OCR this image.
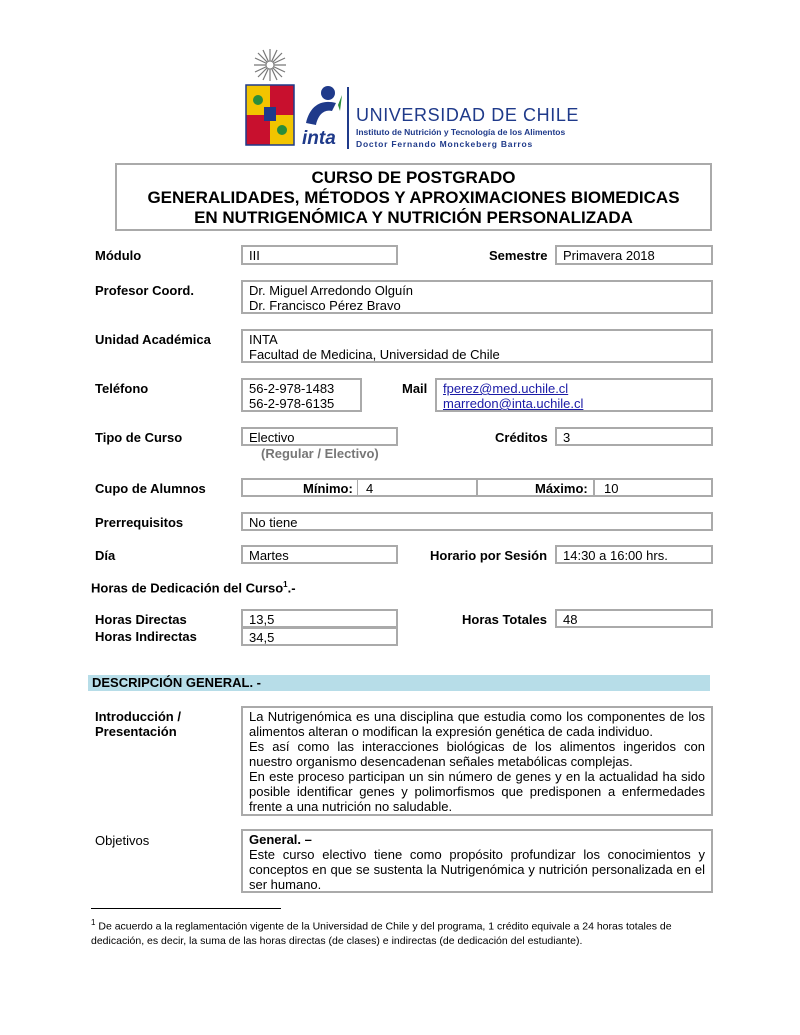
inta
UNIVERSIDAD DE CHILE
Instituto de Nutrición y Tecnología de los Alimentos
Doctor Fernando Monckeberg Barros
CURSO DE POSTGRADO
GENERALIDADES, MÉTODOS Y APROXIMACIONES BIOMEDICAS
EN NUTRIGENÓMICA Y NUTRICIÓN PERSONALIZADA
Módulo	III	Semestre	Primavera 2018
Profesor Coord.	Dr. Miguel Arredondo Olguín
Dr. Francisco Pérez Bravo
Unidad Académica	INTA
Facultad de Medicina, Universidad de Chile
Teléfono	56-2-978-1483
56-2-978-6135
Mail fperez@med.uchile.cl
marredon@inta.uchile.cl
Tipo de Curso	Electivo
(Regular / Electivo)
Créditos	3
Cupo de Alumnos	Mínimo: 4	Máximo: 10
Prerrequisitos	No tiene
Día	Martes	Horario por Sesión	14:30 a 16:00 hrs.
Horas de Dedicación del Curso$^1$.-
Horas Directas	13,5
Horas Indirectas	34,5
Horas Totales	48
DESCRIPCIÓN GENERAL. -
Introducción /
Presentación
La Nutrigenómica es una disciplina que estudia como los componentes de los alimentos alteran o modifican la expresión genética de cada individuo.
Es así como las interacciones biológicas de los alimentos ingeridos con nuestro organismo desencadenan señales metabólicas complejas.
En este proceso participan un sin número de genes y en la actualidad ha sido posible identificar genes y polimorfismos que predisponen a enfermedades frente a una nutrición no saludable.
Objetivos	General. –
Este curso electivo tiene como propósito profundizar los conocimientos y conceptos en que se sustenta la Nutrigenómica y nutrición personalizada en el ser humano.
$^1$ De acuerdo a la reglamentación vigente de la Universidad de Chile y del programa, 1 crédito equivale a 24 horas totales de dedicación, es decir, la suma de las horas directas (de clases) e indirectas (de dedicación del estudiante).
